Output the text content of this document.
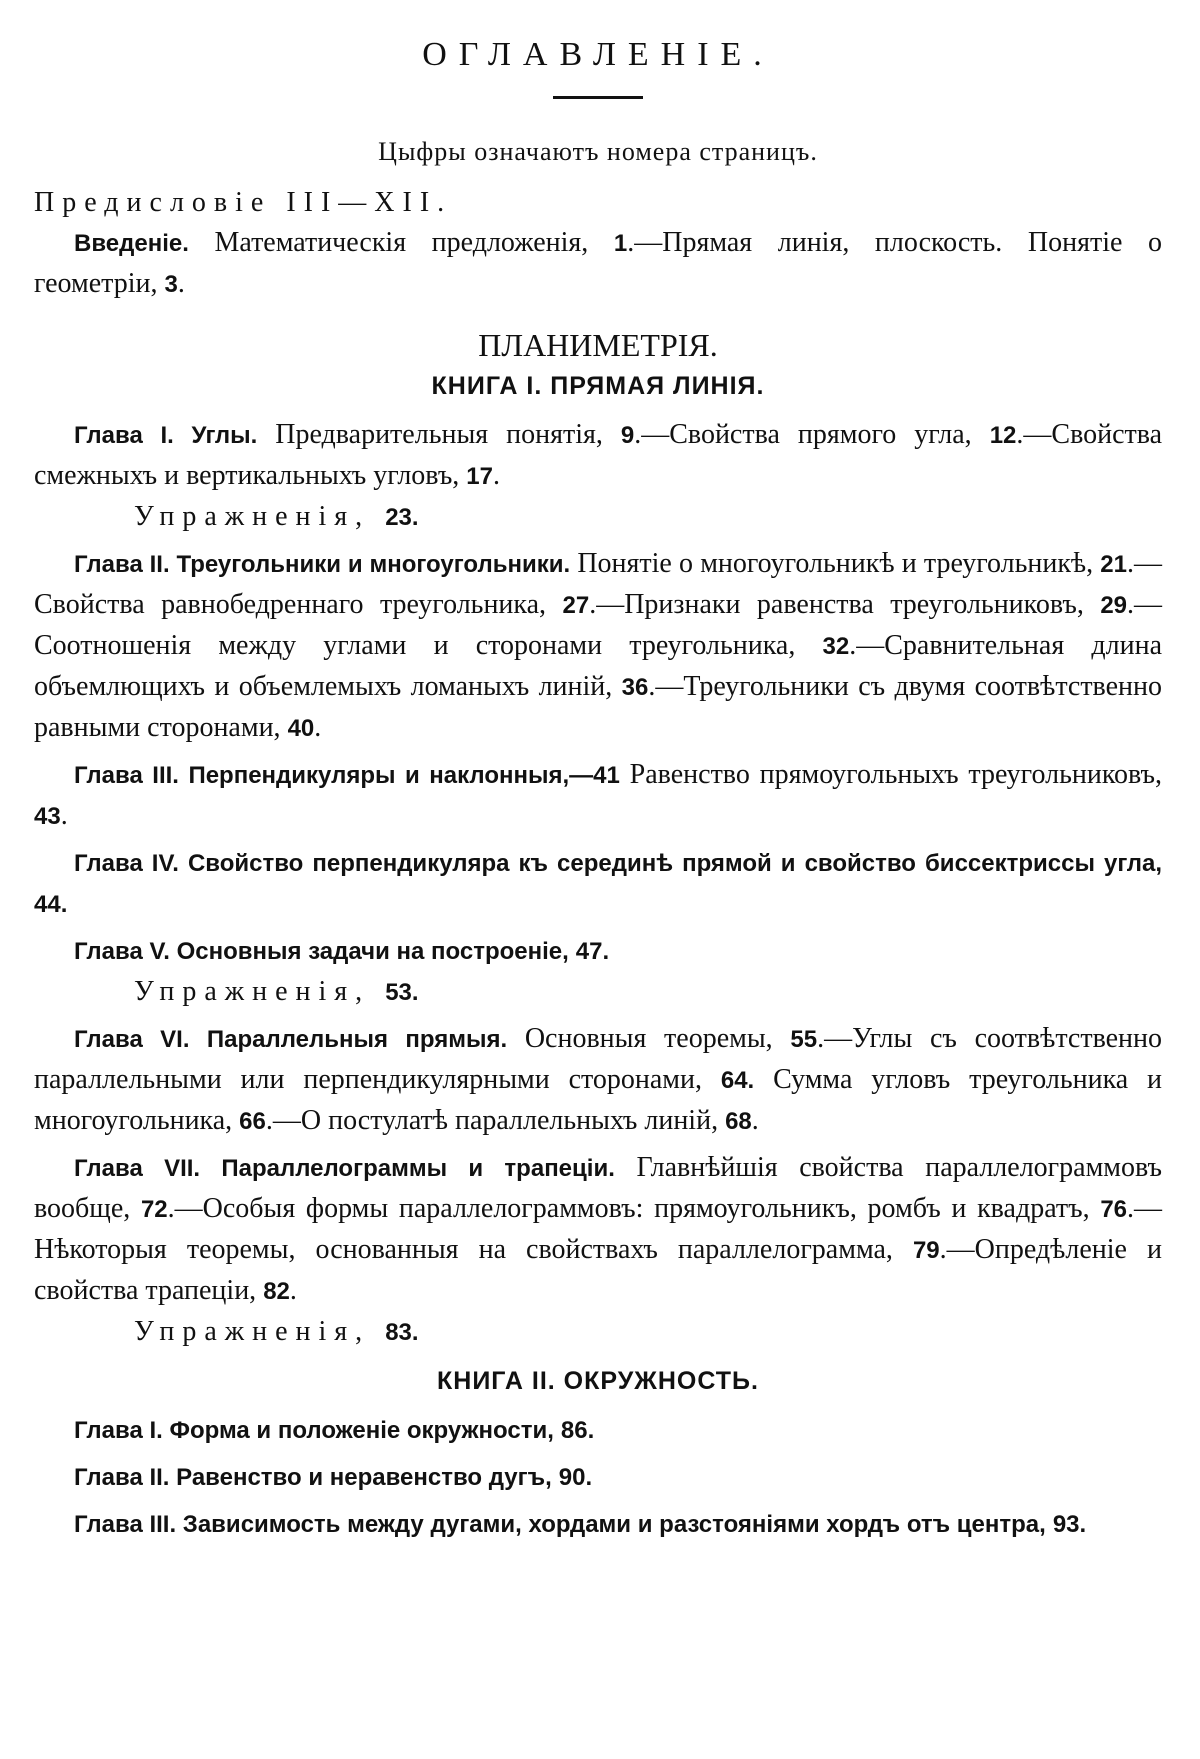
ОГЛАВЛЕНІЕ.
Цыфры означаютъ номера страницъ.

Предисловіе III—XII.

Введеніе. Математическія предложенія, 1.—Прямая линія, плоскость. Понятіе о геометріи, 3.

ПЛАНИМЕТРІЯ.
КНИГА I. ПРЯМАЯ ЛИНІЯ.

Глава I. Углы. Предварительныя понятія, 9.—Свойства прямого угла, 12.—Свойства смежныхъ и вертикальныхъ угловъ, 17.

Упражненія, 23.

Глава II. Треугольники и многоугольники. Понятіе о многоугольникѣ и треугольникѣ, 21.—Свойства равнобедреннаго треугольника, 27.—Признаки равенства треугольниковъ, 29.—Соотношенія между углами и сторонами треугольника, 32.—Сравнительная длина объемлющихъ и объемлемыхъ ломаныхъ линій, 36.—Треугольники съ двумя соотвѣтственно равными сторонами, 40.

Глава III. Перпендикуляры и наклонныя,—41 Равенство прямоугольныхъ треугольниковъ, 43.

Глава IV. Свойство перпендикуляра къ серединѣ прямой и свойство биссектриссы угла, 44.

Глава V. Основныя задачи на построеніе, 47.

Упражненія, 53.

Глава VI. Параллельныя прямыя. Основныя теоремы, 55.—Углы съ соотвѣтственно параллельными или перпендикулярными сторонами, 64. Сумма угловъ треугольника и многоугольника, 66.—О постулатѣ параллельныхъ линій, 68.

Глава VII. Параллелограммы и трапеціи. Главнѣйшія свойства параллелограммовъ вообще, 72.—Особыя формы параллелограммовъ: прямоугольникъ, ромбъ и квадратъ, 76.—Нѣкоторыя теоремы, основанныя на свойствахъ параллелограмма, 79.—Опредѣленіе и свойства трапеціи, 82.

Упражненія, 83.

КНИГА II. ОКРУЖНОСТЬ.

Глава I. Форма и положеніе окружности, 86.

Глава II. Равенство и неравенство дугъ, 90.

Глава III. Зависимость между дугами, хордами и разстояніями хордъ отъ центра, 93.
